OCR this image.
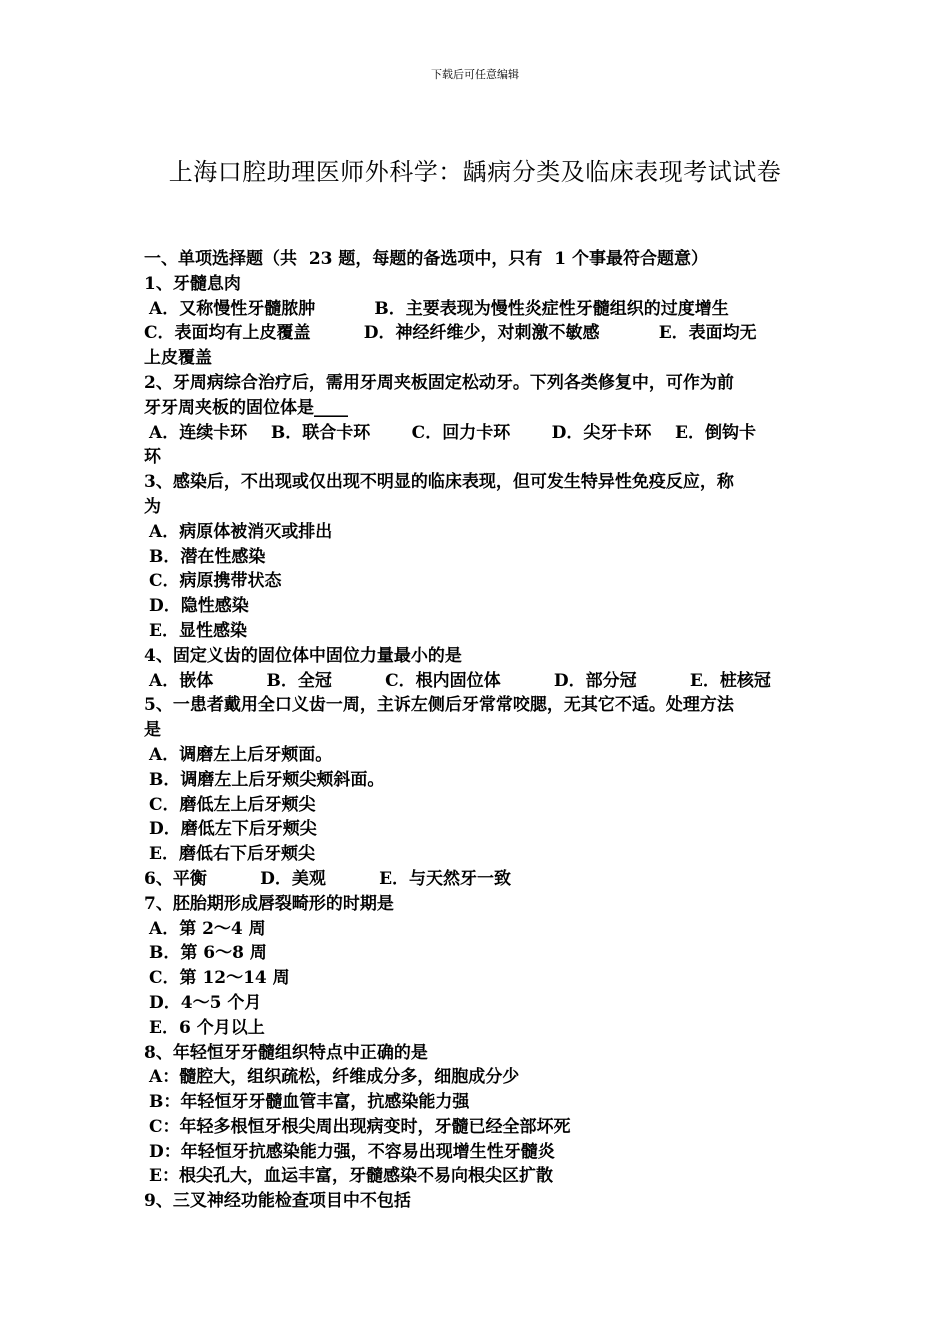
下载后可任意编辑
上海口腔助理医师外科学：龋病分类及临床表现考试试卷
一、单项选择题（共  23 题，每题的备选项中，只有  1 个事最符合题意）
1、牙髓息肉
A．又称慢性牙髓脓肿          B．主要表现为慢性炎症性牙髓组织的过度增生
C．表面均有上皮覆盖         D．神经纤维少，对刺激不敏感          E．表面均无
上皮覆盖
2、牙周病综合治疗后，需用牙周夹板固定松动牙。下列各类修复中，可作为前
牙牙周夹板的固位体是____
A．连续卡环    B．联合卡环       C．回力卡环       D．尖牙卡环    E．倒钩卡
环
3、感染后，不出现或仅出现不明显的临床表现，但可发生特异性免疫反应，称
为
A．病原体被消灭或排出
B．潜在性感染
C．病原携带状态
D．隐性感染
E．显性感染
4、固定义齿的固位体中固位力量最小的是
A．嵌体         B．全冠         C．根内固位体         D．部分冠         E．桩核冠
5、一患者戴用全口义齿一周，主诉左侧后牙常常咬腮，无其它不适。处理方法
是
A．调磨左上后牙颊面。
B．调磨左上后牙颊尖颊斜面。
C．磨低左上后牙颊尖
D．磨低左下后牙颊尖
E．磨低右下后牙颊尖
6、平衡         D．美观         E．与天然牙一致
7、胚胎期形成唇裂畸形的时期是
A．第 2～4 周
B．第 6～8 周
C．第 12～14 周
D．4～5 个月
E．6 个月以上
8、年轻恒牙牙髓组织特点中正确的是
A：髓腔大，组织疏松，纤维成分多，细胞成分少
B：年轻恒牙牙髓血管丰富，抗感染能力强
C：年轻多根恒牙根尖周出现病变时，牙髓已经全部坏死
D：年轻恒牙抗感染能力强，不容易出现增生性牙髓炎
E：根尖孔大，血运丰富，牙髓感染不易向根尖区扩散
9、三叉神经功能检查项目中不包括
